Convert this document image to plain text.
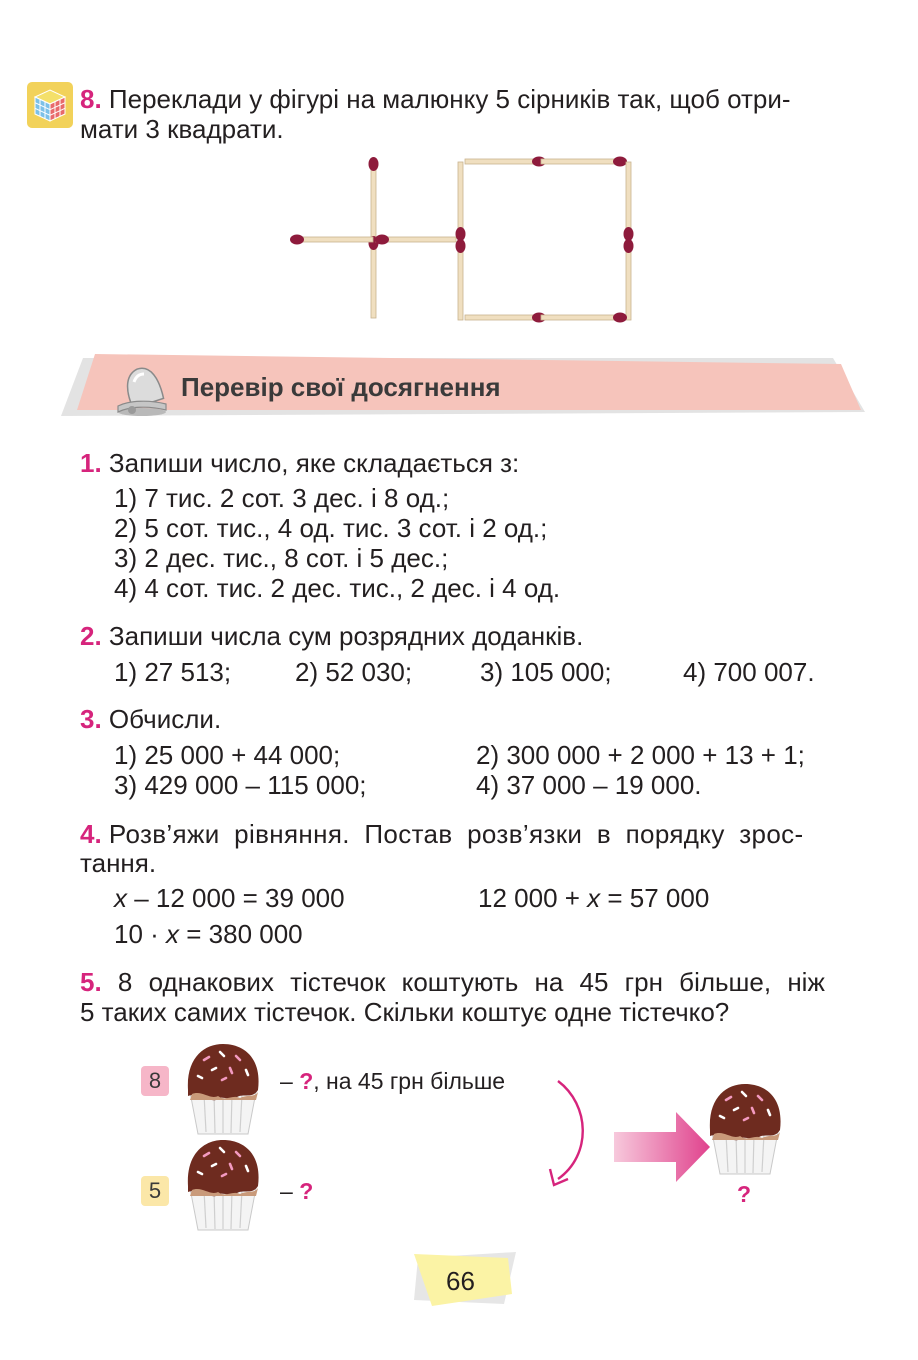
8. Переклади у фігурі на малюнку 5 сірників так, щоб отри-
мати 3 квадрати.
Перевір свої досягнення
1. Запиши число, яке складається з:
1) 7 тис. 2 сот. 3 дес. і 8 од.;
2) 5 сот. тис., 4 од. тис. 3 сот. і 2 од.;
3) 2 дес. тис., 8 сот. і 5 дес.;
4) 4 сот. тис. 2 дес. тис., 2 дес. і 4 од.
2. Запиши числа сум розрядних доданків.
1) 27 513; 2) 52 030;	3) 105 000;	4) 700 007.
3. Обчисли.
1) 25 000 + 44 000;	2) 300 000 + 2 000 + 13 + 1;
3) 429 000 – 115 000;	4) 37 000 – 19 000.
4. Розв’яжи рівняння. Постав розв’язки в порядку зрос-
тання.
x – 12 000 = 39 000	12 000 + x = 57 000
10 · x = 380 000
5. 8 однакових тістечок коштують на 45 грн більше, ніж
5 таких самих тістечок. Скільки коштує одне тістечко?
8
5
– ?, на 45 грн більше
– ?	?
66
